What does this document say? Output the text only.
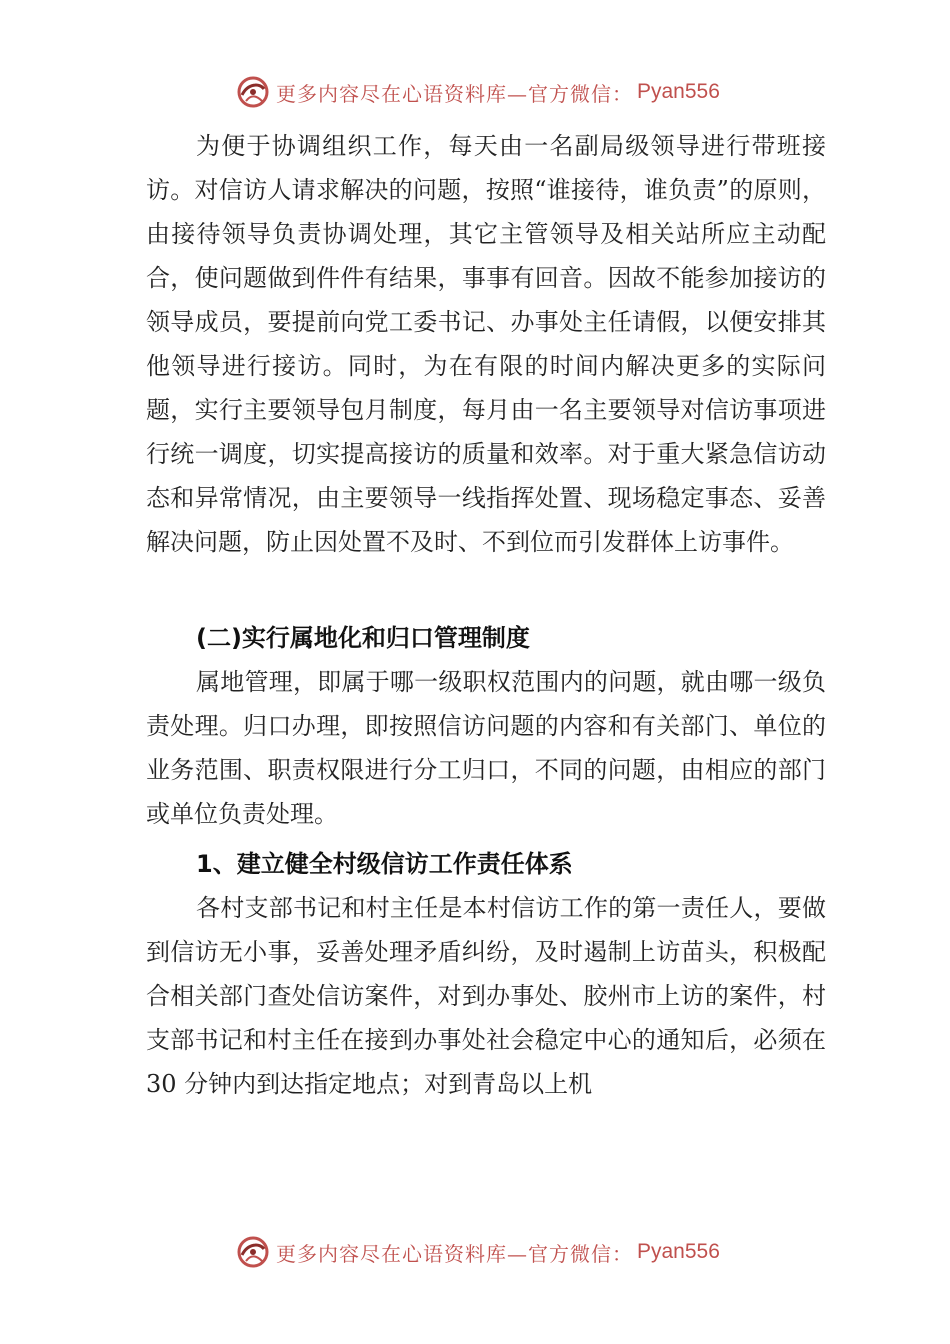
更多内容尽在心语资料库—官方微信： Pyan556

为便于协调组织工作，每天由一名副局级领导进行带班接访。对信访人请求解决的问题，按照“谁接待，谁负责”的原则，由接待领导负责协调处理，其它主管领导及相关站所应主动配合，使问题做到件件有结果，事事有回音。因故不能参加接访的领导成员，要提前向党工委书记、办事处主任请假，以便安排其他领导进行接访。同时，为在有限的时间内解决更多的实际问题，实行主要领导包月制度，每月由一名主要领导对信访事项进行统一调度，切实提高接访的质量和效率。对于重大紧急信访动态和异常情况，由主要领导一线指挥处置、现场稳定事态、妥善解决问题，防止因处置不及时、不到位而引发群体上访事件。

(二)实行属地化和归口管理制度

属地管理，即属于哪一级职权范围内的问题，就由哪一级负责处理。归口办理，即按照信访问题的内容和有关部门、单位的业务范围、职责权限进行分工归口，不同的问题，由相应的部门或单位负责处理。

1、建立健全村级信访工作责任体系

各村支部书记和村主任是本村信访工作的第一责任人，要做到信访无小事，妥善处理矛盾纠纷，及时遏制上访苗头，积极配合相关部门查处信访案件，对到办事处、胶州市上访的案件，村支部书记和村主任在接到办事处社会稳定中心的通知后，必须在 30 分钟内到达指定地点；对到青岛以上机

更多内容尽在心语资料库—官方微信： Pyan556
